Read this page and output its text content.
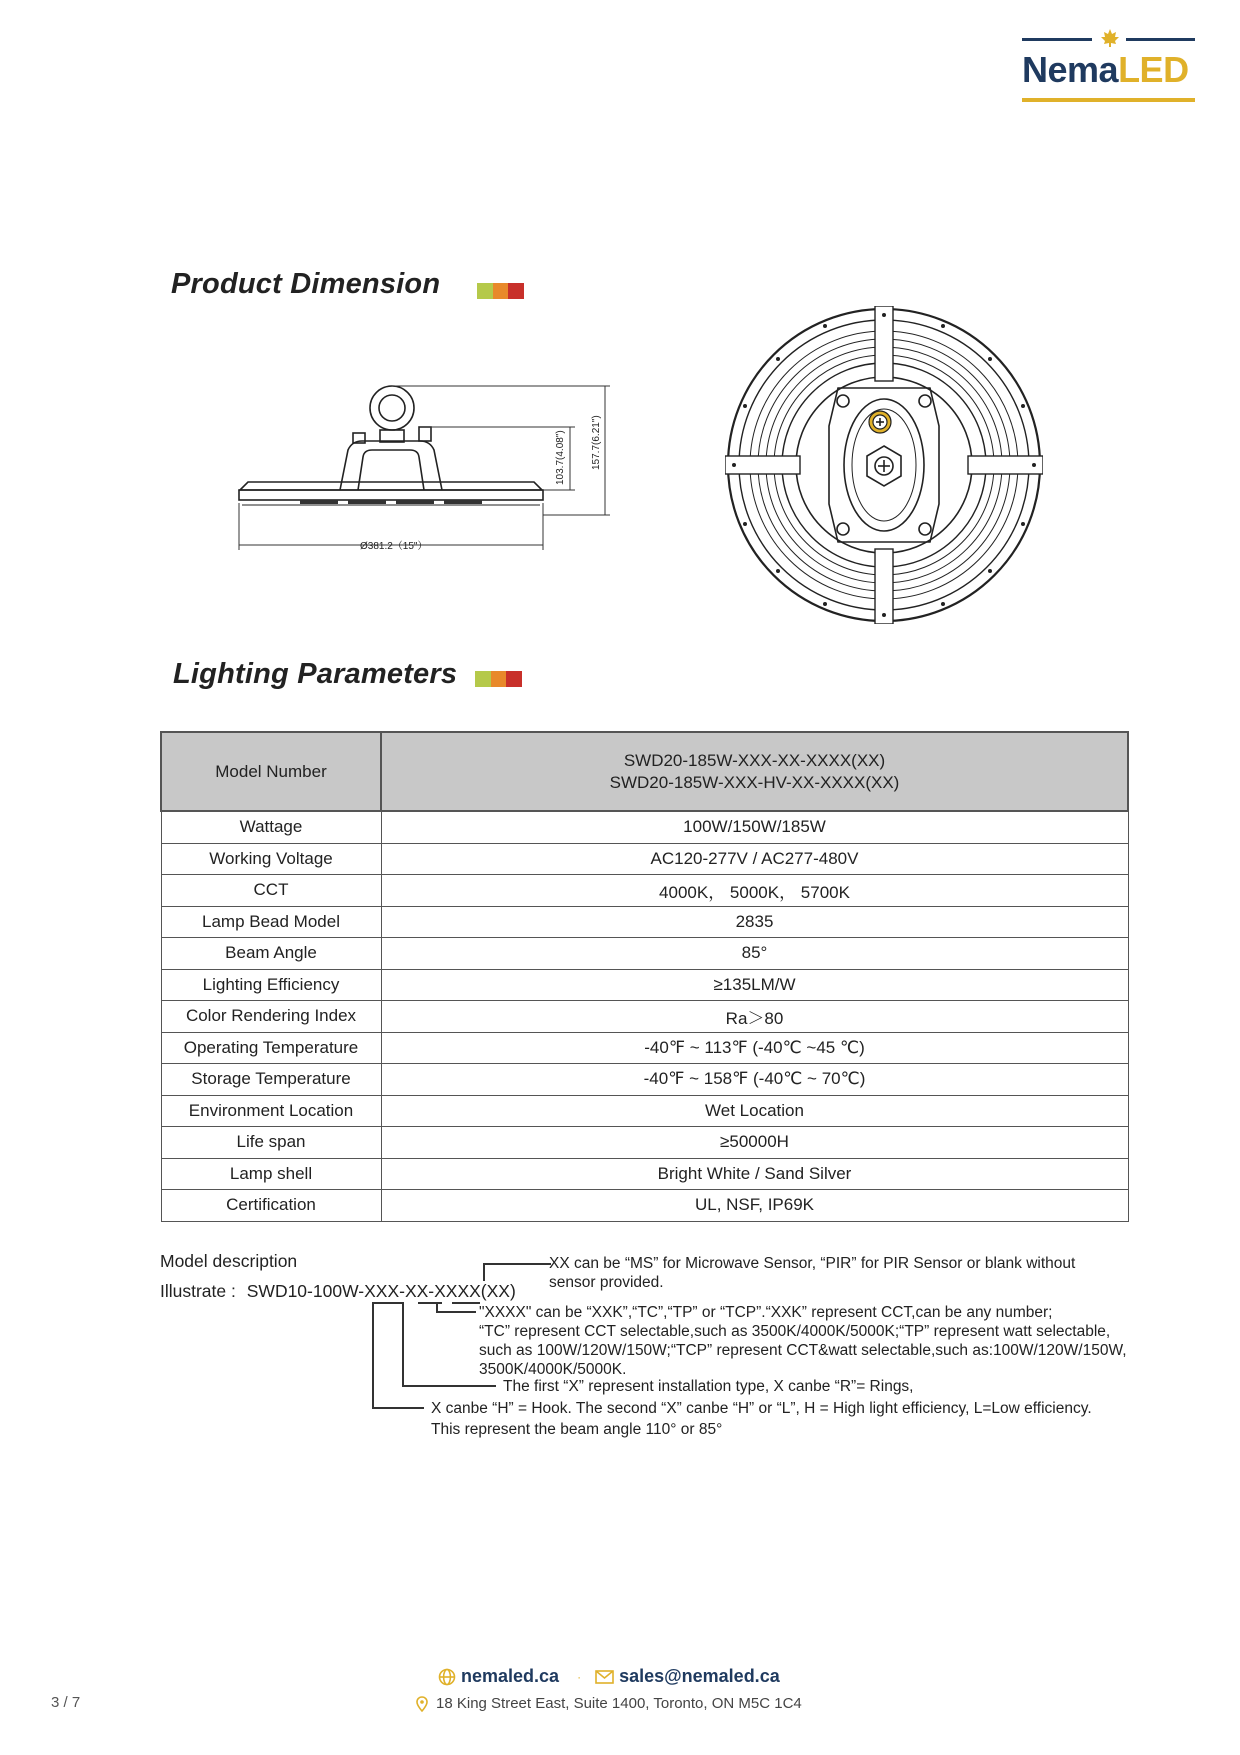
NemaLED
Product Dimension
Ø381.2（15"）
103.7(4.08")	157.7(6.21")
Lighting Parameters
Model Number	SWD20-185W-XXX-XX-XXXX(XX)
SWD20-185W-XXX-HV-XX-XXXX(XX)

Wattage	100W/150W/185W
Working Voltage	AC120-277V / AC277-480V
CCT	4000K， 5000K， 5700K
Lamp Bead Model	2835
Beam Angle	85°
Lighting Efficiency	≥135LM/W
Color Rendering Index	Ra＞80
Operating Temperature	-40℉ ~ 113℉ (-40℃ ~45 ℃)
Storage Temperature	-40℉ ~ 158℉ (-40℃ ~ 70℃)
Environment Location	Wet Location
Life span	≥50000H
Lamp shell	Bright White / Sand Silver
Certification	UL, NSF, IP69K
Model description
Illustrate : SWD10-100W-XXX-XX-XXXX(XX)
XX can be “MS” for Microwave Sensor, “PIR” for PIR Sensor or blank without
sensor provided.
"XXXX" can be “XXK”,“TC”,“TP” or “TCP”.“XXK” represent CCT,can be any number;
“TC” represent CCT selectable,such as 3500K/4000K/5000K;“TP” represent watt selectable,
such as 100W/120W/150W;“TCP” represent CCT&watt selectable,such as:100W/120W/150W,
3500K/4000K/5000K.
The first “X” represent installation type, X canbe “R”= Rings,
X canbe “H” = Hook. The second “X” canbe “H” or “L”, H = High light efficiency, L=Low efficiency.
This represent the beam angle 110° or 85°
nemaled.ca · sales@nemaled.ca
18 King Street East, Suite 1400, Toronto, ON M5C 1C4
3 / 7
